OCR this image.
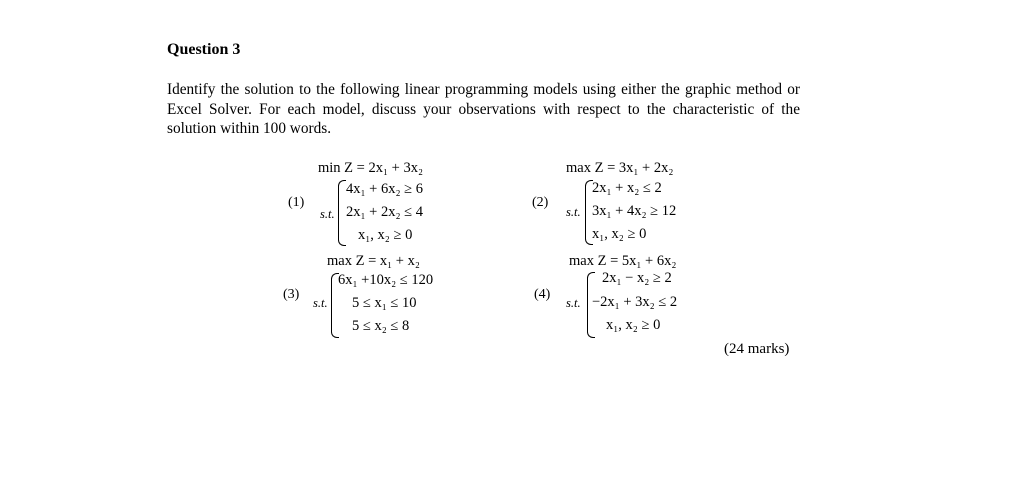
Question 3
Identify the solution to the following linear programming models using either the graphic method or Excel Solver. For each model, discuss your observations with respect to the characteristic of the solution within 100 words.
(1)
min Z = 2x₁ + 3x₂
s.t.
4x₁ + 6x₂ ≥ 6
2x₁ + 2x₂ ≤ 4
x₁, x₂ ≥ 0
(2)
max Z = 3x₁ + 2x₂
s.t.
2x₁ + x₂ ≤ 2
3x₁ + 4x₂ ≥ 12
x₁, x₂ ≥ 0
(3)
max Z = x₁ + x₂
s.t.
6x₁ +10x₂ ≤ 120
5 ≤ x₁ ≤ 10
5 ≤ x₂ ≤ 8
(4)
max Z = 5x₁ + 6x₂
s.t.
2x₁ − x₂ ≥ 2
−2x₁ + 3x₂ ≤ 2
x₁, x₂ ≥ 0
(24 marks)
